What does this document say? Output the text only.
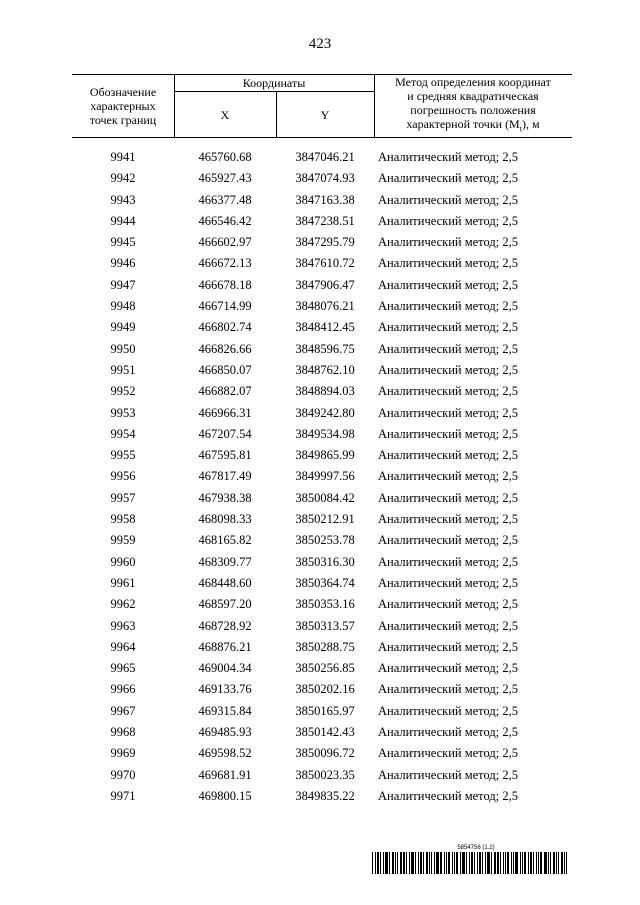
423
Обозначение
характерных
точек границ
Координаты
X	Y
Метод определения координат
и средняя квадратическая
погрешность положения
характерной точки $(M_t)$, м
9941	465760.68	3847046.21	Аналитический метод; 2,5
9942	465927.43	3847074.93	Аналитический метод; 2,5
9943	466377.48	3847163.38	Аналитический метод; 2,5
9944	466546.42	3847238.51	Аналитический метод; 2,5
9945	466602.97	3847295.79	Аналитический метод; 2,5
9946	466672.13	3847610.72	Аналитический метод; 2,5
9947	466678.18	3847906.47	Аналитический метод; 2,5
9948	466714.99	3848076.21	Аналитический метод; 2,5
9949	466802.74	3848412.45	Аналитический метод; 2,5
9950	466826.66	3848596.75	Аналитический метод; 2,5
9951	466850.07	3848762.10	Аналитический метод; 2,5
9952	466882.07	3848894.03	Аналитический метод; 2,5
9953	466966.31	3849242.80	Аналитический метод; 2,5
9954	467207.54	3849534.98	Аналитический метод; 2,5
9955	467595.81	3849865.99	Аналитический метод; 2,5
9956	467817.49	3849997.56	Аналитический метод; 2,5
9957	467938.38	3850084.42	Аналитический метод; 2,5
9958	468098.33	3850212.91	Аналитический метод; 2,5
9959	468165.82	3850253.78	Аналитический метод; 2,5
9960	468309.77	3850316.30	Аналитический метод; 2,5
9961	468448.60	3850364.74	Аналитический метод; 2,5
9962	468597.20	3850353.16	Аналитический метод; 2,5
9963	468728.92	3850313.57	Аналитический метод; 2,5
9964	468876.21	3850288.75	Аналитический метод; 2,5
9965	469004.34	3850256.85	Аналитический метод; 2,5
9966	469133.76	3850202.16	Аналитический метод; 2,5
9967	469315.84	3850165.97	Аналитический метод; 2,5
9968	469485.93	3850142.43	Аналитический метод; 2,5
9969	469598.52	3850096.72	Аналитический метод; 2,5
9970	469681.91	3850023.35	Аналитический метод; 2,5
9971	469800.15	3849835.22	Аналитический метод; 2,5
5854756 (1.2)
